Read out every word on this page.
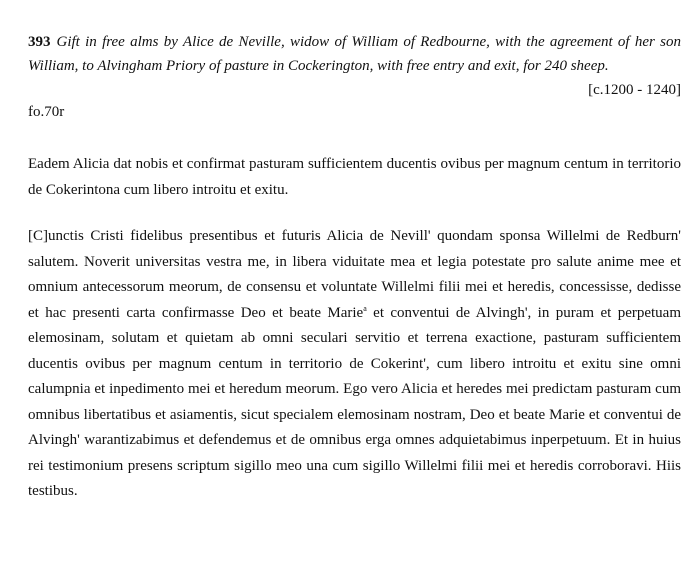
393 Gift in free alms by Alice de Neville, widow of William of Redbourne, with the agreement of her son William, to Alvingham Priory of pasture in Cockerington, with free entry and exit, for 240 sheep.

[c.1200 - 1240]

fo.70r

Eadem Alicia dat nobis et confirmat pasturam sufficientem ducentis ovibus per magnum centum in territorio de Cokerintona cum libero introitu et exitu.

[C]unctis Cristi fidelibus presentibus et futuris Alicia de Nevill' quondam sponsa Willelmi de Redburn' salutem. Noverit universitas vestra me, in libera viduitate mea et legia potestate pro salute anime mee et omnium antecessorum meorum, de consensu et voluntate Willelmi filii mei et heredis, concessisse, dedisse et hac presenti carta confirmasse Deo et beate Marie$^a$ et conventui de Alvingh', in puram et perpetuam elemosinam, solutam et quietam ab omni seculari servitio et terrena exactione, pasturam sufficientem ducentis ovibus per magnum centum in territorio de Cokerint', cum libero introitu et exitu sine omni calumpnia et inpedimento mei et heredum meorum. Ego vero Alicia et heredes mei predictam pasturam cum omnibus libertatibus et asiamentis, sicut specialem elemosinam nostram, Deo et beate Marie et conventui de Alvingh' warantizabimus et defendemus et de omnibus erga omnes adquietabimus inperpetuum. Et in huius rei testimonium presens scriptum sigillo meo una cum sigillo Willelmi filii mei et heredis corroboravi. Hiis testibus.
